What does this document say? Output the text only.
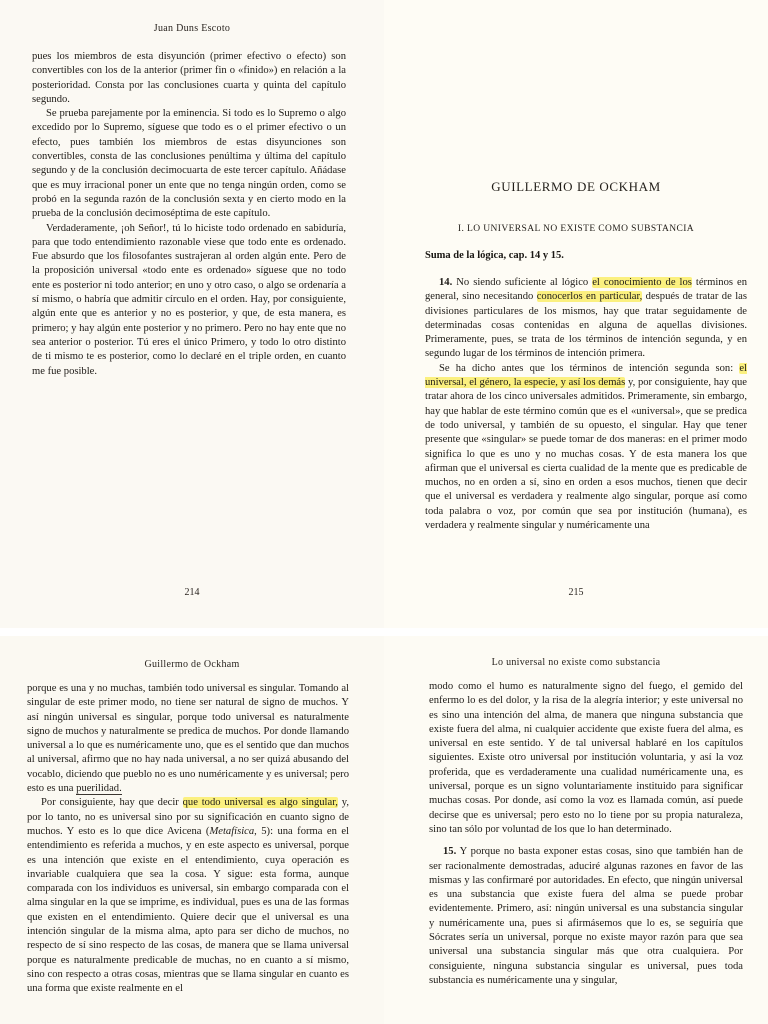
Juan Duns Escoto

pues los miembros de esta disyunción (primer efectivo o efecto) son convertibles con los de la anterior (primer fin o «finido») en relación a la posterioridad. Consta por las conclusiones cuarta y quinta del capítulo segundo.

Se prueba parejamente por la eminencia. Si todo es lo Supremo o algo excedido por lo Supremo, síguese que todo es o el primer efectivo o un efecto, pues también los miembros de estas disyunciones son convertibles, consta de las conclusiones penúltima y última del capítulo segundo y de la conclusión decimocuarta de este tercer capítulo. Añádase que es muy irracional poner un ente que no tenga ningún orden, como se probó en la segunda razón de la conclusión sexta y en cierto modo en la prueba de la conclusión decimoséptima de este capítulo.

Verdaderamente, ¡oh Señor!, tú lo hiciste todo ordenado en sabiduría, para que todo entendimiento razonable viese que todo ente es ordenado. Fue absurdo que los filosofantes sustrajeran al orden algún ente. Pero de la proposición universal «todo ente es ordenado» síguese que no todo ente es posterior ni todo anterior; en uno y otro caso, o algo se ordenaría a sí mismo, o habría que admitir círculo en el orden. Hay, por consiguiente, algún ente que es anterior y no es posterior, y que, de esta manera, es primero; y hay algún ente posterior y no primero. Pero no hay ente que no sea anterior o posterior. Tú eres el único Primero, y todo lo otro distinto de ti mismo te es posterior, como lo declaré en el triple orden, en cuanto me fue posible.

214
GUILLERMO DE OCKHAM
I. LO UNIVERSAL NO EXISTE COMO SUBSTANCIA
Suma de la lógica, cap. 14 y 15.

14. No siendo suficiente al lógico el conocimiento de los términos en general, sino necesitando conocerlos en particular, después de tratar de las divisiones particulares de los mismos, hay que tratar seguidamente de determinadas cosas contenidas en alguna de aquellas divisiones. Primeramente, pues, se trata de los términos de intención segunda, y en segundo lugar de los términos de intención primera.

Se ha dicho antes que los términos de intención segunda son: el universal, el género, la especie, y así los demás y, por consiguiente, hay que tratar ahora de los cinco universales admitidos. Primeramente, sin embargo, hay que hablar de este término común que es el «universal», que se predica de todo universal, y también de su opuesto, el singular. Hay que tener presente que «singular» se puede tomar de dos maneras: en el primer modo significa lo que es uno y no muchas cosas. Y de esta manera los que afirman que el universal es cierta cualidad de la mente que es predicable de muchos, no en orden a sí, sino en orden a esos muchos, tienen que decir que el universal es verdadera y realmente algo singular, porque así como toda palabra o voz, por común que sea por institución (humana), es verdadera y realmente singular y numéricamente una

215
Guillermo de Ockham

porque es una y no muchas, también todo universal es singular. Tomando al singular de este primer modo, no tiene ser natural de signo de muchos. Y así ningún universal es singular, porque todo universal es naturalmente signo de muchos y naturalmente se predica de muchos. Por donde llamando universal a lo que es numéricamente uno, que es el sentido que dan muchos al universal, afirmo que no hay nada universal, a no ser quizá abusando del vocablo, diciendo que pueblo no es uno numéricamente y es universal; pero esto es una puerilidad.

Por consiguiente, hay que decir que todo universal es algo singular, y, por lo tanto, no es universal sino por su significación en cuanto signo de muchos. Y esto es lo que dice Avicena (Metafísica, 5): una forma en el entendimiento es referida a muchos, y en este aspecto es universal, porque es una intención que existe en el entendimiento, cuya operación es invariable cualquiera que sea la cosa. Y sigue: esta forma, aunque comparada con los individuos es universal, sin embargo comparada con el alma singular en la que se imprime, es individual, pues es una de las formas que existen en el entendimiento. Quiere decir que el universal es una intención singular de la misma alma, apto para ser dicho de muchos, no respecto de sí sino respecto de las cosas, de manera que se llama universal porque es naturalmente predicable de muchas, no en cuanto a sí mismo, sino con respecto a otras cosas, mientras que se llama singular en cuanto es una forma que existe realmente en el

Lo universal no existe como substancia

modo como el humo es naturalmente signo del fuego, el gemido del enfermo lo es del dolor, y la risa de la alegría interior; y este universal no es sino una intención del alma, de manera que ninguna substancia que existe fuera del alma, ni cualquier accidente que existe fuera del alma, es universal en este sentido. Y de tal universal hablaré en los capítulos siguientes. Existe otro universal por institución voluntaria, y así la voz proferida, que es verdaderamente una cualidad numéricamente una, es universal, porque es un signo voluntariamente instituido para significar muchas cosas. Por donde, así como la voz es llamada común, así puede decirse que es universal; pero esto no lo tiene por su propia naturaleza, sino tan sólo por voluntad de los que lo han determinado.

15. Y porque no basta exponer estas cosas, sino que también han de ser racionalmente demostradas, aduciré algunas razones en favor de las mismas y las confirmaré por autoridades. En efecto, que ningún universal es una substancia que existe fuera del alma se puede probar evidentemente. Primero, así: ningún universal es una substancia singular y numéricamente una, pues si afirmásemos que lo es, se seguiría que Sócrates sería un universal, porque no existe mayor razón para que sea universal una substancia singular más que otra cualquiera. Por consiguiente, ninguna substancia singular es universal, pues toda substancia es numéricamente una y singular,
